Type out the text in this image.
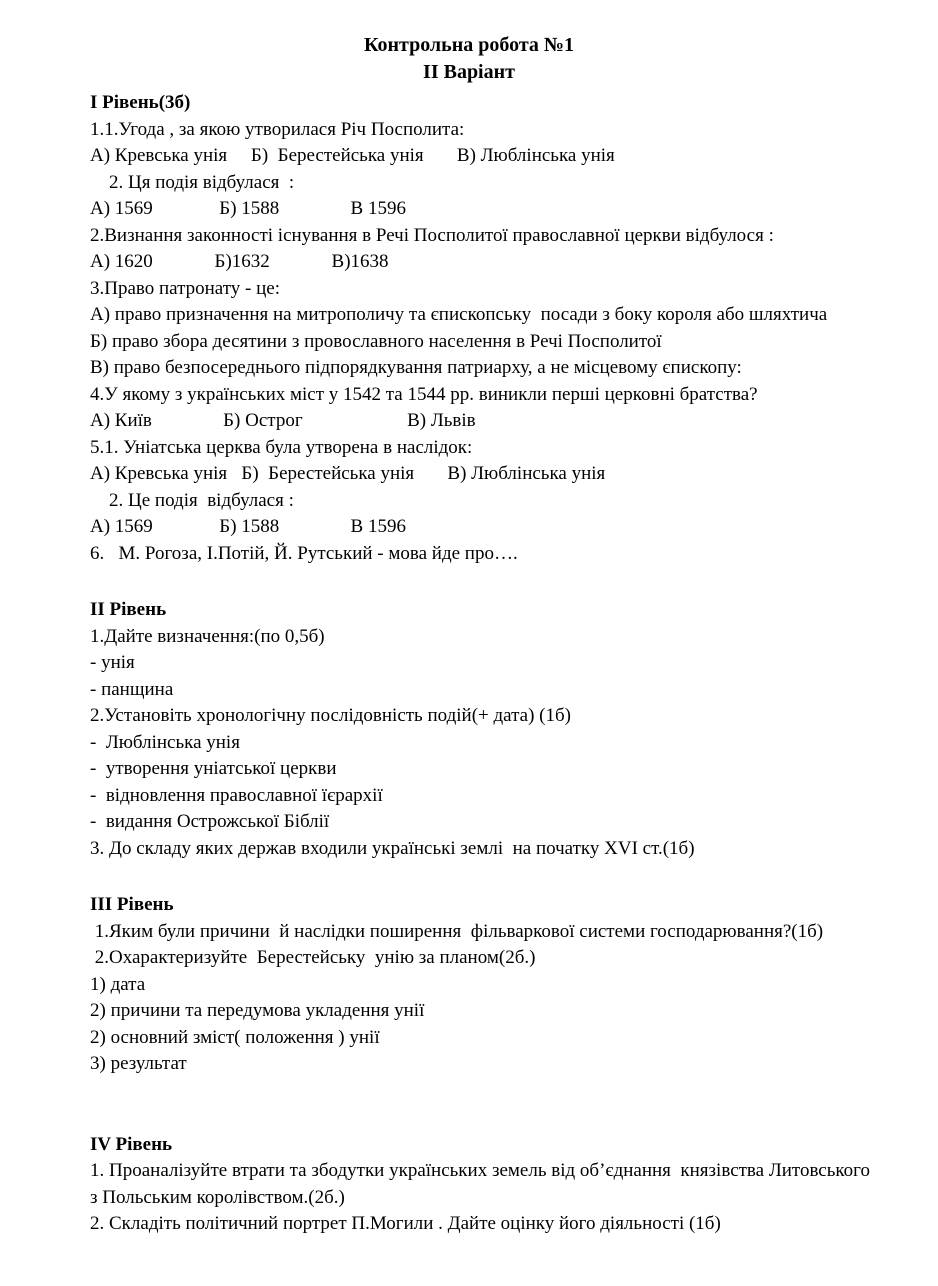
Контрольна робота №1

ІІ Варіант

І Рівень(3б)

1.1.Угода , за якою утворилася Річ Посполита:

А) Кревська унія     Б)  Берестейська унія       В) Люблінська унія

2. Ця подія відбулася  :

А) 1569              Б) 1588               В 1596

2.Визнання законності існування в Речі Посполитої православної церкви відбулося :

А) 1620             Б)1632             В)1638

3.Право патронату - це:

А) право призначення на митрополичу та єпископську  посади з боку короля або шляхтича

Б) право збора десятини з провославного населення в Речі Посполитої

В) право безпосереднього підпорядкування патриарху, а не місцевому єпископу:

4.У якому з українських міст у 1542 та 1544 рр. виникли перші церковні братства?

А) Київ               Б) Острог                      В) Львів

5.1. Уніатська церква була утворена в наслідок:

А) Кревська унія   Б)  Берестейська унія       В) Люблінська унія

2. Це подія  відбулася :

А) 1569              Б) 1588               В 1596

6.   М. Рогоза, І.Потій, Й. Рутський - мова йде про….

ІІ Рівень

1.Дайте визначення:(по 0,5б)

- унія

- панщина

2.Установіть хронологічну послідовність подій(+ дата) (1б)

-  Люблінська унія

-  утворення уніатської церкви

-  відновлення православної їєрархії

-  видання Острожської Біблії

3. До складу яких держав входили українські землі  на початку XVI ст.(1б)

ІІІ Рівень

1.Яким були причини  й наслідки поширення  фільваркової системи господарювання?(1б)

2.Охарактеризуйте  Берестейську  унію за планом(2б.)

1) дата

2) причини та передумова укладення унії

2) основний зміст( положення ) унії

3) результат

ІV Рівень

1. Проаналізуйте втрати та збодутки українських земель від об’єднання  князівства Литовського

з Польським королівством.(2б.)

2. Складіть політичний портрет П.Могили . Дайте оцінку його діяльності (1б)
